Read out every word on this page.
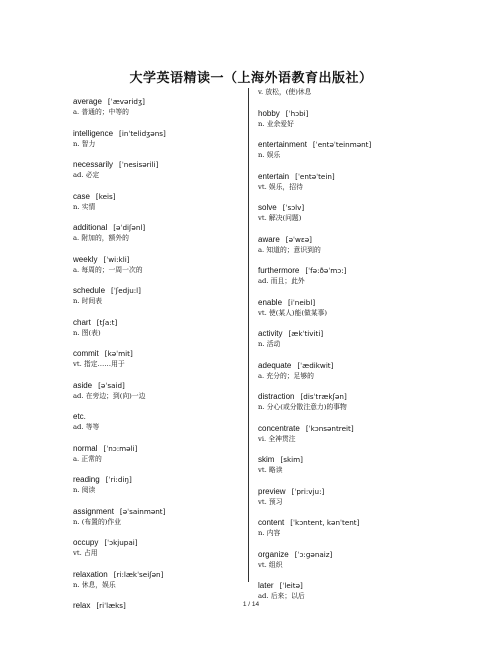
大学英语精读一（上海外语教育出版社）
average [ˈævəridʒ]
a. 普通的；中等的
intelligence [inˈtelidʒəns]
n. 智力
necessarily [ˈnesisərili]
ad. 必定
case [keis]
n. 实情
additional [əˈdiʃənl]
a. 附加的，额外的
weekly [ˈwi:kli]
a. 每周的；一周一次的
schedule [ˈʃedju:l]
n. 时间表
chart [tʃa:t]
n. 图(表)
commit [kəˈmit]
vt. 指定……用于
aside [əˈsaid]
ad. 在旁边；到(向)一边
etc.
ad. 等等
normal [ˈnɔ:məli]
a. 正常的
reading [ˈri:diŋ]
n. 阅读
assignment [əˈsainmənt]
n. (布置的)作业
occupy [ˈɔkjupai]
vt. 占用
relaxation [ri:lækˈseiʃən]
n. 休息，娱乐
relax [riˈlæks]
v. 放松，(使)休息
hobby [ˈhɔbi]
n. 业余爱好
entertainment [ˈentəˈteinmənt]
n. 娱乐
entertain [ˈentəˈtein]
vt. 娱乐，招待
solve [ˈsɔlv]
vt. 解决(问题)
aware [əˈwεə]
a. 知道的；意识到的
furthermore [ˈfə:ðəˈmɔ:]
ad. 而且；此外
enable [iˈneibl]
vt. 使(某人)能(做某事)
activity [ækˈtiviti]
n. 活动
adequate [ˈædikwit]
a. 充分的；足够的
distraction [disˈtrækʃən]
n. 分心(或分散注意力)的事物
concentrate [ˈkɔnsəntreit]
vi. 全神贯注
skim [skim]
vt. 略读
preview [ˈpri:vju:]
vt. 预习
content [ˈkɔntent, kənˈtent]
n. 内容
organize [ˈɔ:gənaiz]
vt. 组织
later [ˈleitə]
ad. 后来；以后
1 / 14
